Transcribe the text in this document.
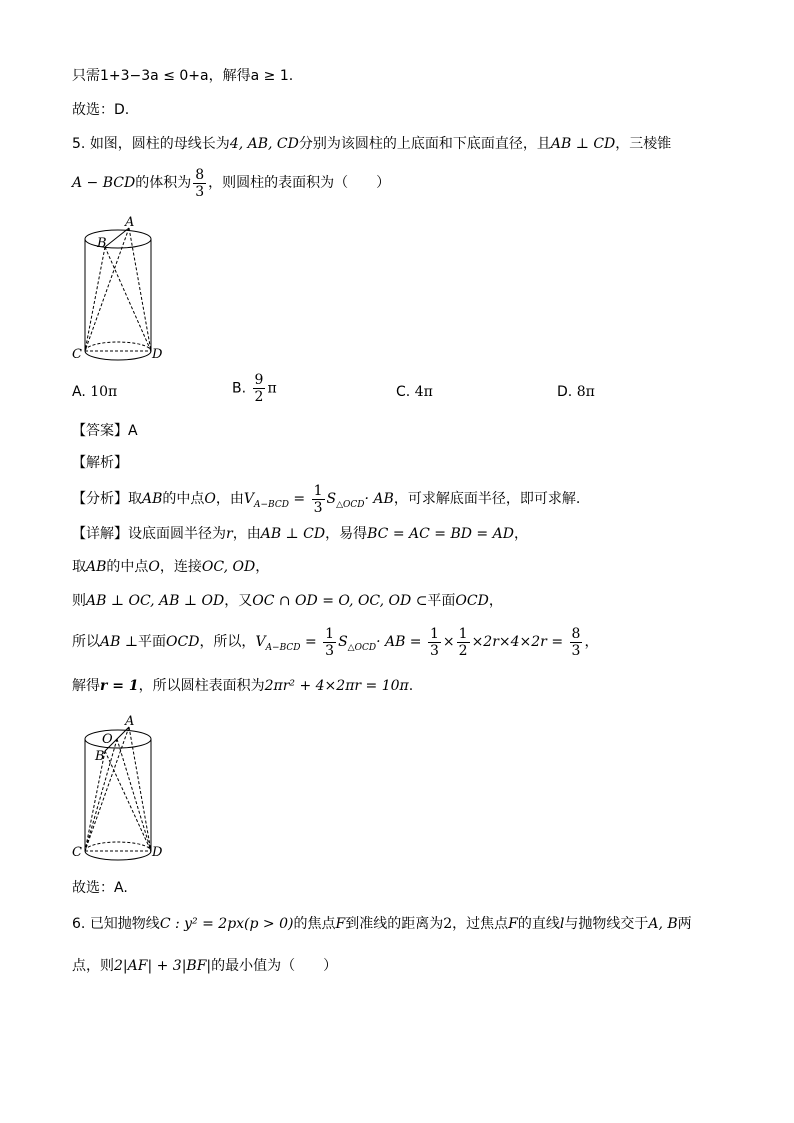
只需1+3−3a ≤ 0+a，解得a ≥ 1.
故选：D.
5. 如图，圆柱的母线长为4, AB, CD分别为该圆柱的上底面和下底面直径，且AB ⊥ CD，三棱锥
A − BCD的体积为 $\frac{8}{3}$ ，则圆柱的表面积为（　　）
A
B
C	D
A. 10π	B. $\frac{9}{2}$ π	C. 4π	D. 8π
【答案】A
【解析】
【分析】取AB的中点O，由$V_{A-BCD} = \frac{1}{3} S_{\triangle OCD}\cdot$ AB，可求解底面半径，即可求解.
【详解】设底面圆半径为r，由AB ⊥ CD，易得BC = AC = BD = AD，
取AB的中点O，连接OC, OD，
则AB ⊥ OC, AB ⊥ OD，又OC ∩ OD = O, OC, OD ⊂平面OCD，
所以AB ⊥平面OCD，所以，$V_{A-BCD} = \frac{1}{3} S_{\triangle OCD}\cdot$ AB = $\frac{1}{3} \times \frac{1}{2} \times 2r\times 4\times 2r = \frac{8}{3}$ ，
解得r = 1，所以圆柱表面积为2πr² + 4×2πr = 10π.
A
O
B
C	D
故选：A.
6. 已知抛物线C : y² = 2px(p > 0)的焦点F到准线的距离为2，过焦点F的直线l与抛物线交于A, B两
点，则2|AF| + 3|BF|的最小值为（　　）
